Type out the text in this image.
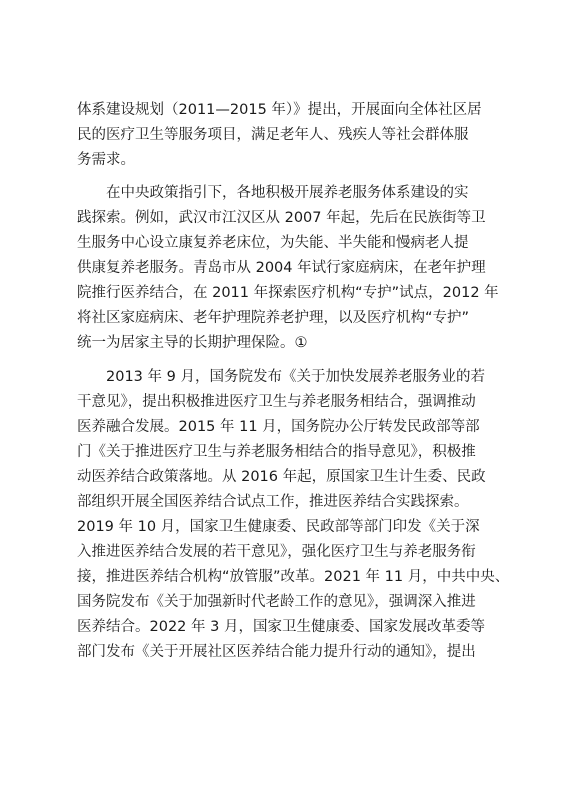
体系建设规划（2011—2015 年）》提出，开展面向全体社区居
民的医疗卫生等服务项目，满足老年人、残疾人等社会群体服
务需求。
　　在中央政策指引下，各地积极开展养老服务体系建设的实
践探索。例如，武汉市江汉区从 2007 年起，先后在民族街等卫
生服务中心设立康复养老床位，为失能、半失能和慢病老人提
供康复养老服务。青岛市从 2004 年试行家庭病床，在老年护理
院推行医养结合，在 2011 年探索医疗机构“专护”试点，2012 年
将社区家庭病床、老年护理院养老护理，以及医疗机构“专护”
统一为居家主导的长期护理保险。①
　　2013 年 9 月，国务院发布《关于加快发展养老服务业的若
干意见》，提出积极推进医疗卫生与养老服务相结合，强调推动
医养融合发展。2015 年 11 月，国务院办公厅转发民政部等部
门《关于推进医疗卫生与养老服务相结合的指导意见》，积极推
动医养结合政策落地。从 2016 年起，原国家卫生计生委、民政
部组织开展全国医养结合试点工作，推进医养结合实践探索。
2019 年 10 月，国家卫生健康委、民政部等部门印发《关于深
入推进医养结合发展的若干意见》，强化医疗卫生与养老服务衔
接，推进医养结合机构“放管服”改革。2021 年 11 月，中共中央、
国务院发布《关于加强新时代老龄工作的意见》，强调深入推进
医养结合。2022 年 3 月，国家卫生健康委、国家发展改革委等
部门发布《关于开展社区医养结合能力提升行动的通知》，提出
